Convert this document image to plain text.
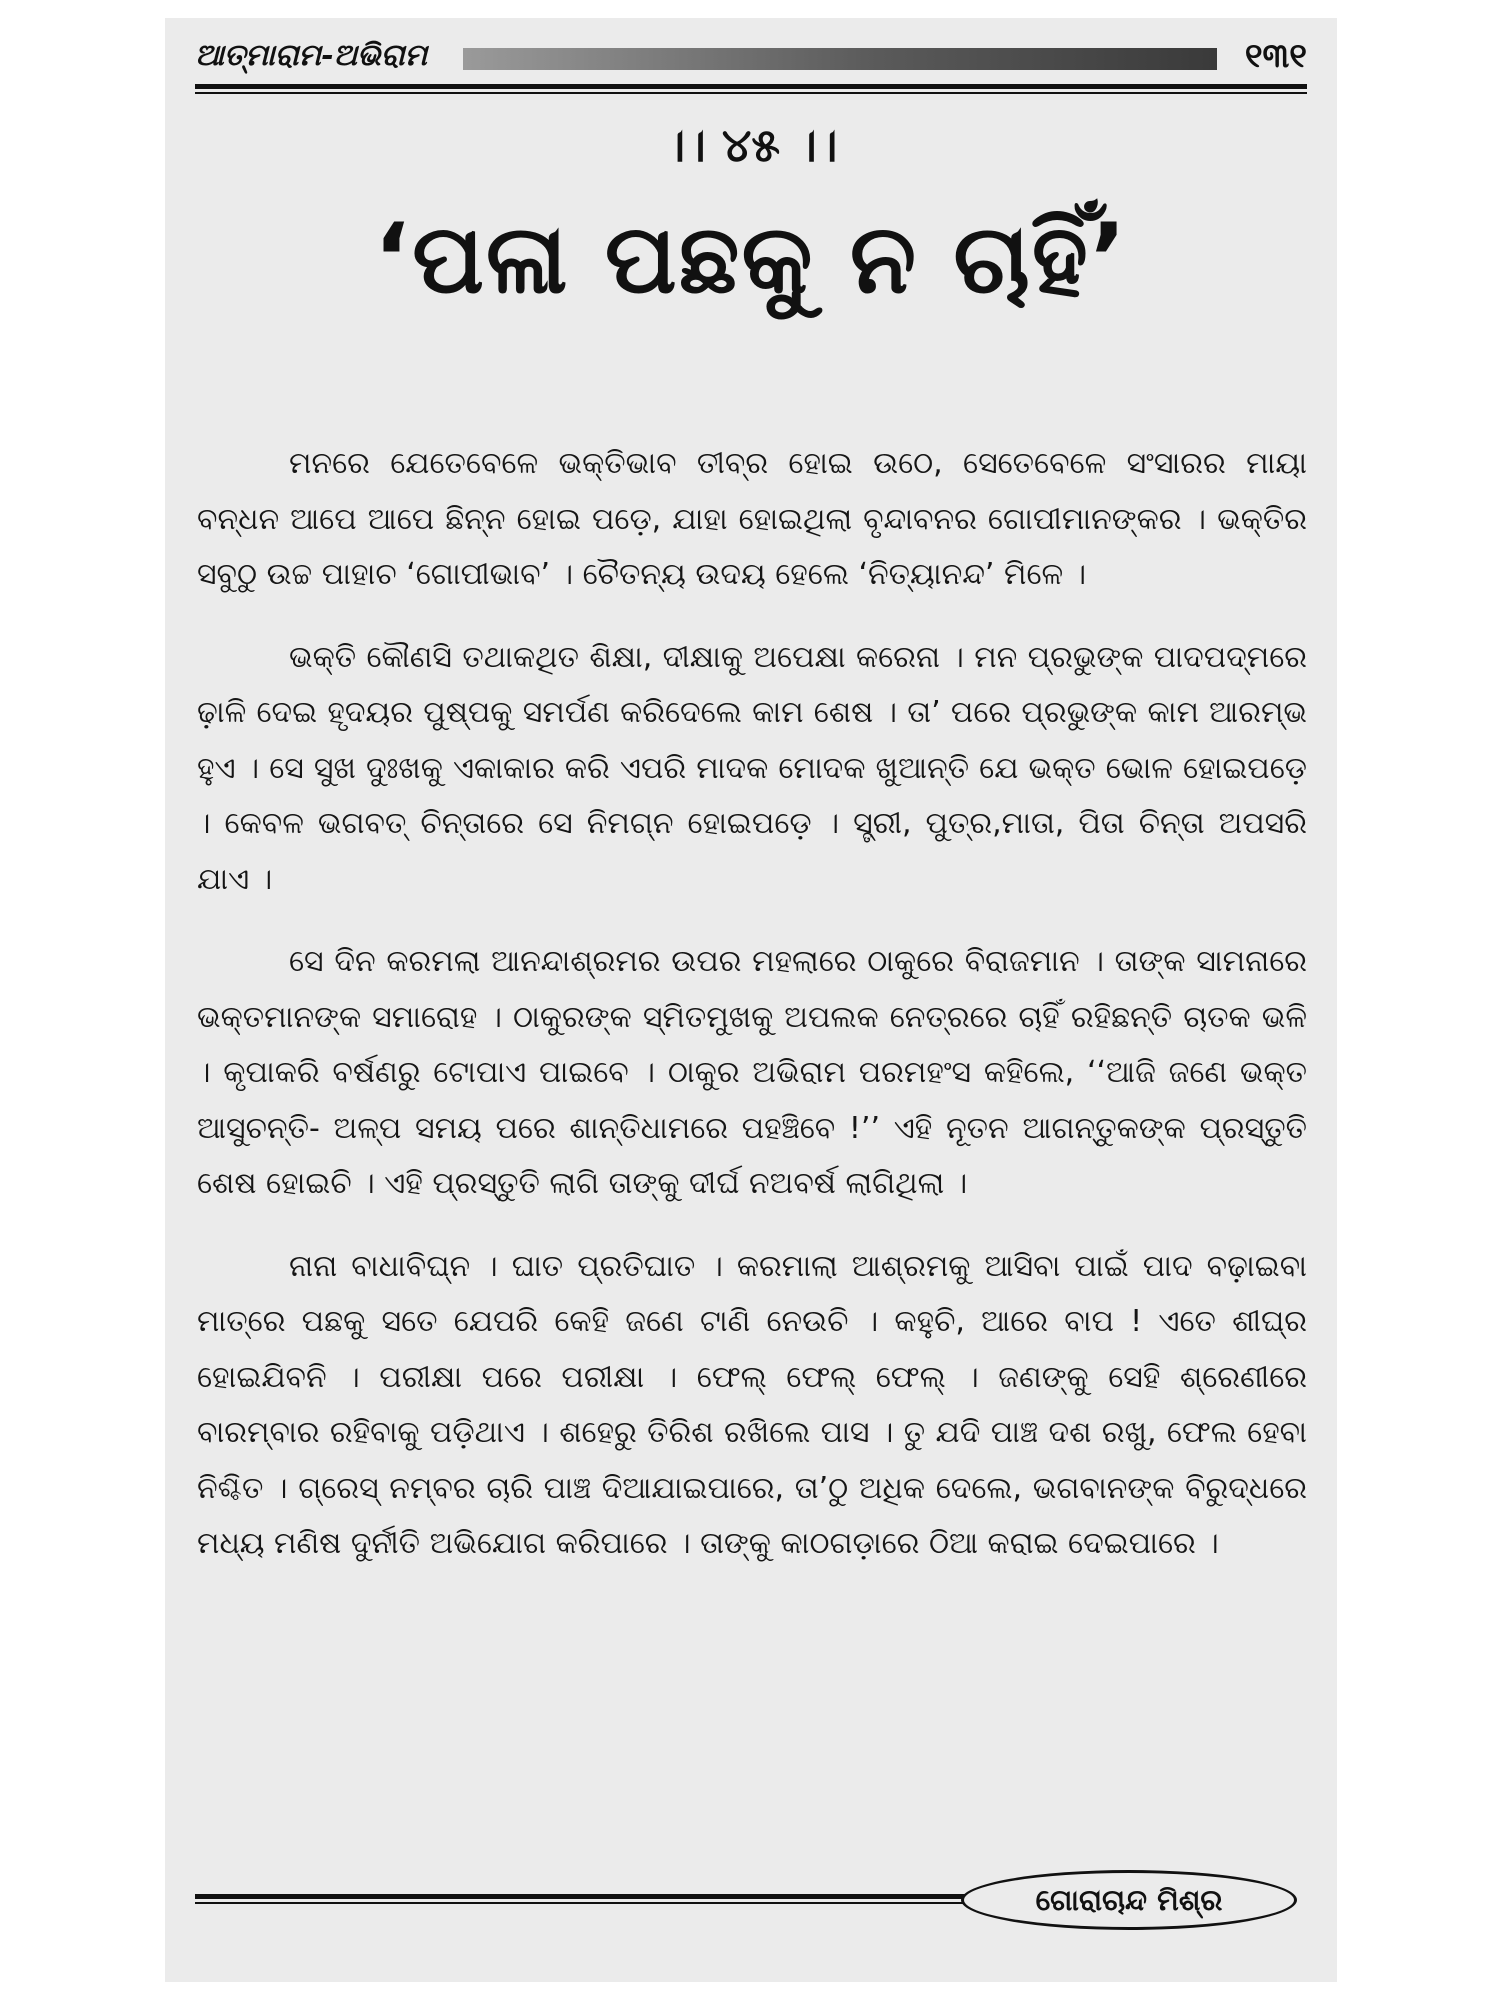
ଆତ୍ମାରାମ-ଅଭିରାମ	୧୩୧
।। ୪୫ ।।
‘ପଳା ପଛକୁ ନ ଚାହିଁ’

ମନରେ ଯେତେବେଳେ ଭକ୍ତିଭାବ ତୀବ୍ର ହୋଇ ଉଠେ, ସେତେବେଳେ ସଂସାରର ମାୟା ବନ୍ଧନ ଆପେ ଆପେ ଛିନ୍ନ ହୋଇ ପଡ଼େ, ଯାହା ହୋଇଥିଲା ବୃନ୍ଦାବନର ଗୋପୀମାନଙ୍କର । ଭକ୍ତିର ସବୁଠୁ ଉଚ୍ଚ ପାହାଚ ‘ଗୋପୀଭାବ’ । ଚୈତନ୍ୟ ଉଦୟ ହେଲେ ‘ନିତ୍ୟାନନ୍ଦ’ ମିଳେ ।

ଭକ୍ତି କୌଣସି ତଥାକଥିତ ଶିକ୍ଷା, ଦୀକ୍ଷାକୁ ଅପେକ୍ଷା କରେନା । ମନ ପ୍ରଭୁଙ୍କ ପାଦପଦ୍ମରେ ଢ଼ାଳି ଦେଇ ହୃଦୟର ପୁଷ୍ପକୁ ସମର୍ପଣ କରିଦେଲେ କାମ ଶେଷ । ତା’ ପରେ ପ୍ରଭୁଙ୍କ କାମ ଆରମ୍ଭ ହୁଏ । ସେ ସୁଖ ଦୁଃଖକୁ ଏକାକାର କରି ଏପରି ମାଦକ ମୋଦକ ଖୁଆନ୍ତି ଯେ ଭକ୍ତ ଭୋଳ ହୋଇପଡ଼େ । କେବଳ ଭଗବତ୍ ଚିନ୍ତାରେ ସେ ନିମଗ୍ନ ହୋଇପଡ଼େ । ସ୍ତ୍ରୀ, ପୁତ୍ର,ମାତା, ପିତା ଚିନ୍ତା ଅପସରି ଯାଏ ।

ସେ ଦିନ କରମଲା ଆନନ୍ଦାଶ୍ରମର ଉପର ମହଲାରେ ଠାକୁରେ ବିରାଜମାନ । ତାଙ୍କ ସାମନାରେ ଭକ୍ତମାନଙ୍କ ସମାରୋହ । ଠାକୁରଙ୍କ ସ୍ମିତମୁଖକୁ ଅପଲକ ନେତ୍ରରେ ଚାହିଁ ରହିଛନ୍ତି ଚାତକ ଭଳି । କୃପାକରି ବର୍ଷଣରୁ ଟୋପାଏ ପାଇବେ । ଠାକୁର ଅଭିରାମ ପରମହଂସ କହିଲେ, ‘‘ଆଜି ଜଣେ ଭକ୍ତ ଆସୁଚନ୍ତି- ଅଳ୍ପ ସମୟ ପରେ ଶାନ୍ତିଧାମରେ ପହଞ୍ଚିବେ !’’ ଏହି ନୂତନ ଆଗନ୍ତୁକଙ୍କ ପ୍ରସ୍ତୁତି ଶେଷ ହୋଇଚି । ଏହି ପ୍ରସ୍ତୁତି ଲାଗି ତାଙ୍କୁ ଦୀର୍ଘ ନଅବର୍ଷ ଲାଗିଥିଲା ।

ନାନା ବାଧାବିଘ୍ନ । ଘାତ ପ୍ରତିଘାତ । କରମାଲା ଆଶ୍ରମକୁ ଆସିବା ପାଇଁ ପାଦ ବଢ଼ାଇବା ମାତ୍ରେ ପଛକୁ ସତେ ଯେପରି କେହି ଜଣେ ଟାଣି ନେଉଚି । କହୁଚି, ଆରେ ବାପ ! ଏତେ ଶୀଘ୍ର ହୋଇଯିବନି । ପରୀକ୍ଷା ପରେ ପରୀକ୍ଷା । ଫେଲ୍ ଫେଲ୍ ଫେଲ୍ । ଜଣଙ୍କୁ ସେହି ଶ୍ରେଣୀରେ ବାରମ୍ବାର ରହିବାକୁ ପଡ଼ିଥାଏ । ଶହେରୁ ତିରିଶ ରଖିଲେ ପାସ । ତୁ ଯଦି ପାଞ୍ଚ ଦଶ ରଖୁ, ଫେଲ ହେବା ନିଶ୍ଚିତ । ଗ୍ରେସ୍ ନମ୍ବର ଚାରି ପାଞ୍ଚ ଦିଆଯାଇପାରେ, ତା’ଠୁ ଅଧିକ ଦେଲେ, ଭଗବାନଙ୍କ ବିରୁଦ୍ଧରେ ମଧ୍ୟ ମଣିଷ ଦୁର୍ନୀତି ଅଭିଯୋଗ କରିପାରେ । ତାଙ୍କୁ କାଠଗଡ଼ାରେ ଠିଆ କରାଇ ଦେଇପାରେ ।

ଗୋରାଚାନ୍ଦ ମିଶ୍ର
